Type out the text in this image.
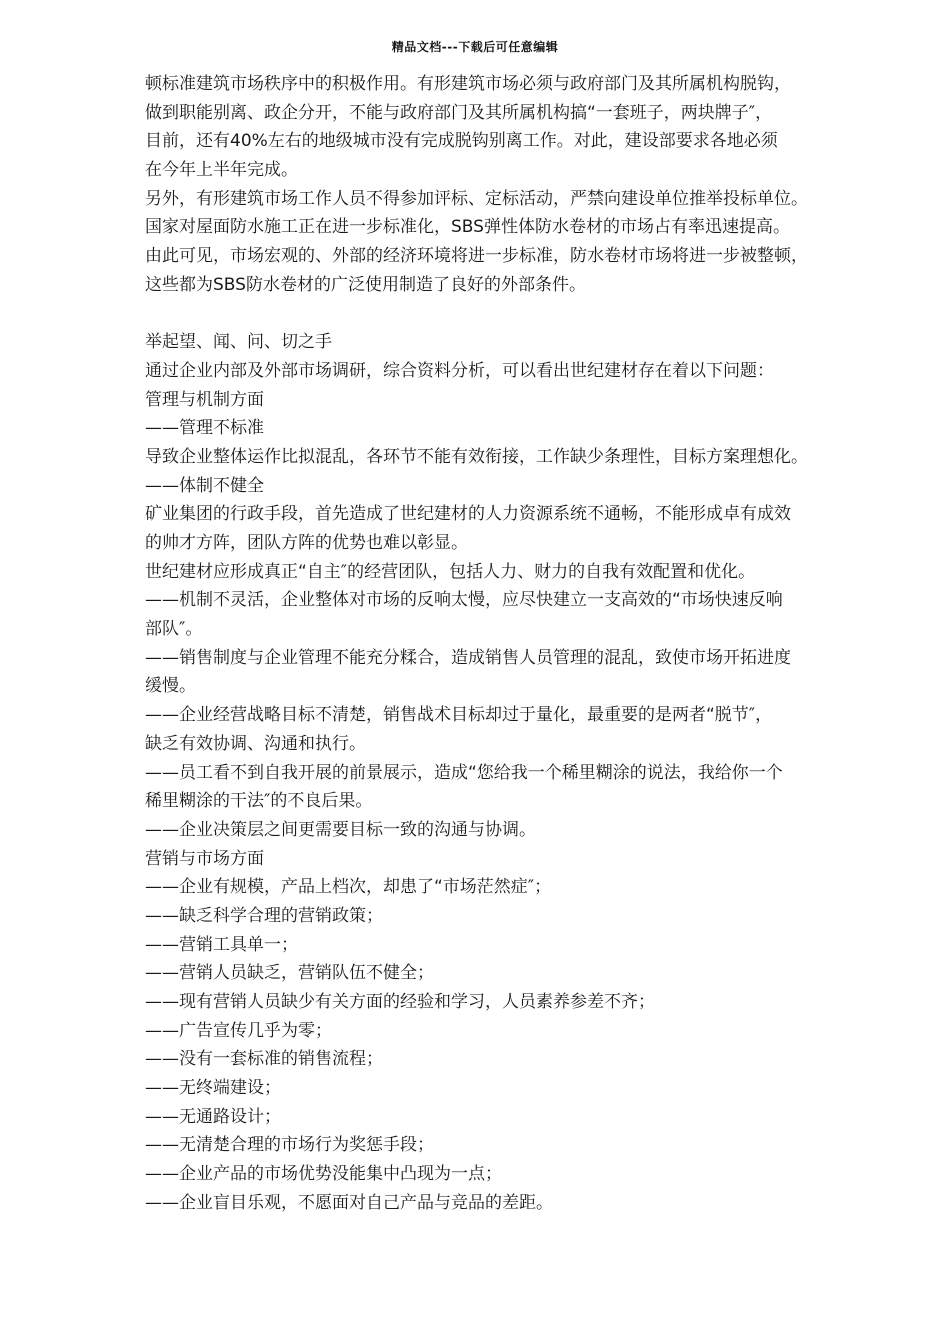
精品文档---下载后可任意编辑
顿标准建筑市场秩序中的积极作用。有形建筑市场必须与政府部门及其所属机构脱钩，
做到职能别离、政企分开，不能与政府部门及其所属机构搞“一套班子，两块牌子″，
目前，还有40%左右的地级城市没有完成脱钩别离工作。对此，建设部要求各地必须
在今年上半年完成。
另外，有形建筑市场工作人员不得参加评标、定标活动，严禁向建设单位推举投标单位。
国家对屋面防水施工正在进一步标准化，SBS弹性体防水卷材的市场占有率迅速提高。
由此可见，市场宏观的、外部的经济环境将进一步标准，防水卷材市场将进一步被整顿，
这些都为SBS防水卷材的广泛使用制造了良好的外部条件。
举起望、闻、问、切之手
通过企业内部及外部市场调研，综合资料分析，可以看出世纪建材存在着以下问题：
管理与机制方面
——管理不标准
导致企业整体运作比拟混乱，各环节不能有效衔接，工作缺少条理性，目标方案理想化。
——体制不健全
矿业集团的行政手段，首先造成了世纪建材的人力资源系统不通畅，不能形成卓有成效
的帅才方阵，团队方阵的优势也难以彰显。
世纪建材应形成真正“自主″的经营团队，包括人力、财力的自我有效配置和优化。
——机制不灵活，企业整体对市场的反响太慢，应尽快建立一支高效的“市场快速反响
部队″。
——销售制度与企业管理不能充分糅合，造成销售人员管理的混乱，致使市场开拓进度
缓慢。
——企业经营战略目标不清楚，销售战术目标却过于量化，最重要的是两者“脱节″，
缺乏有效协调、沟通和执行。
——员工看不到自我开展的前景展示，造成“您给我一个稀里糊涂的说法，我给你一个
稀里糊涂的干法″的不良后果。
——企业决策层之间更需要目标一致的沟通与协调。
营销与市场方面
——企业有规模，产品上档次，却患了“市场茫然症″；
——缺乏科学合理的营销政策；
——营销工具单一；
——营销人员缺乏，营销队伍不健全；
——现有营销人员缺少有关方面的经验和学习，人员素养参差不齐；
——广告宣传几乎为零；
——没有一套标准的销售流程；
——无终端建设；
——无通路设计；
——无清楚合理的市场行为奖惩手段；
——企业产品的市场优势没能集中凸现为一点；
——企业盲目乐观，不愿面对自己产品与竞品的差距。
